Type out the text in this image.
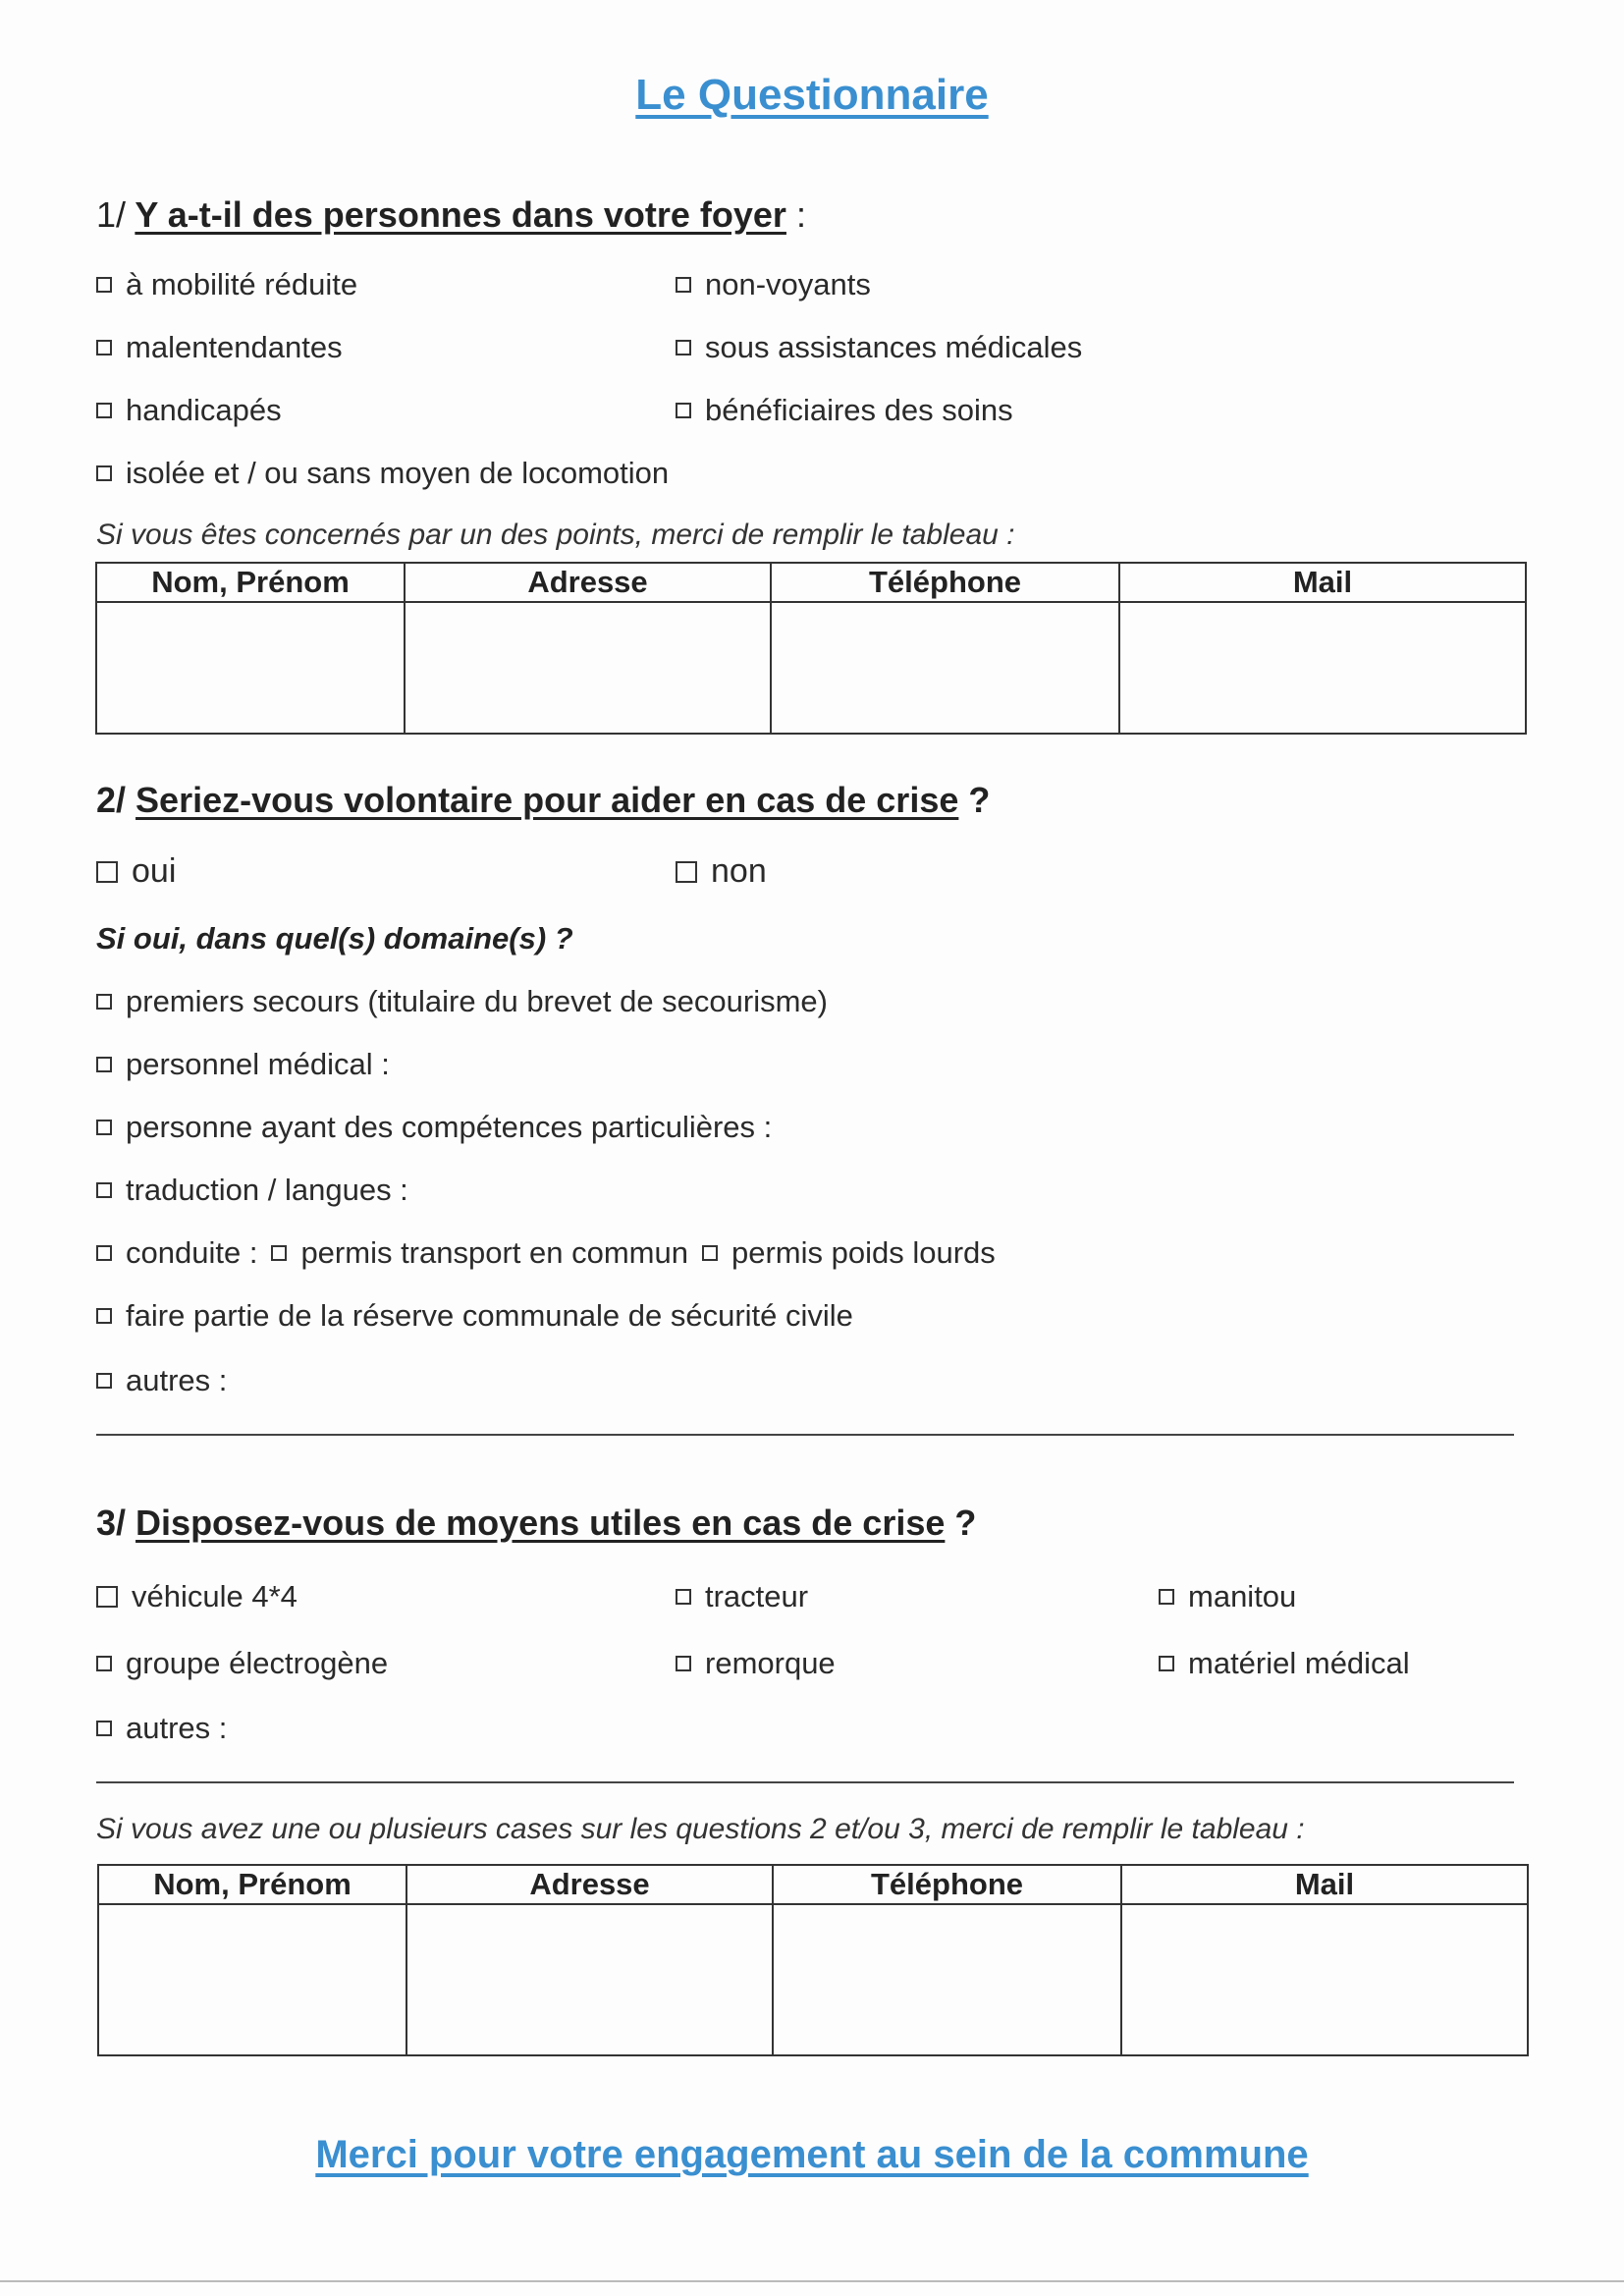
Le Questionnaire
1/ Y a-t-il des personnes dans votre foyer :
à mobilité réduite	non-voyants
malentendantes	sous assistances médicales
handicapés	bénéficiaires des soins
isolée et / ou sans moyen de locomotion
Si vous êtes concernés par un des points, merci de remplir le tableau :
Nom, Prénom	Adresse	Téléphone	Mail

2/ Seriez-vous volontaire pour aider en cas de crise ?
oui	non
Si oui, dans quel(s) domaine(s) ?
premiers secours (titulaire du brevet de secourisme)
personnel médical :
personne ayant des compétences particulières :
traduction / langues :
conduite : permis transport en commun permis poids lourds
faire partie de la réserve communale de sécurité civile
autres :
3/ Disposez-vous de moyens utiles en cas de crise ?
véhicule 4*4	tracteur	manitou
groupe électrogène	remorque	matériel médical
autres :
Si vous avez une ou plusieurs cases sur les questions 2 et/ou 3, merci de remplir le tableau :
Nom, Prénom	Adresse	Téléphone	Mail

Merci pour votre engagement au sein de la commune
